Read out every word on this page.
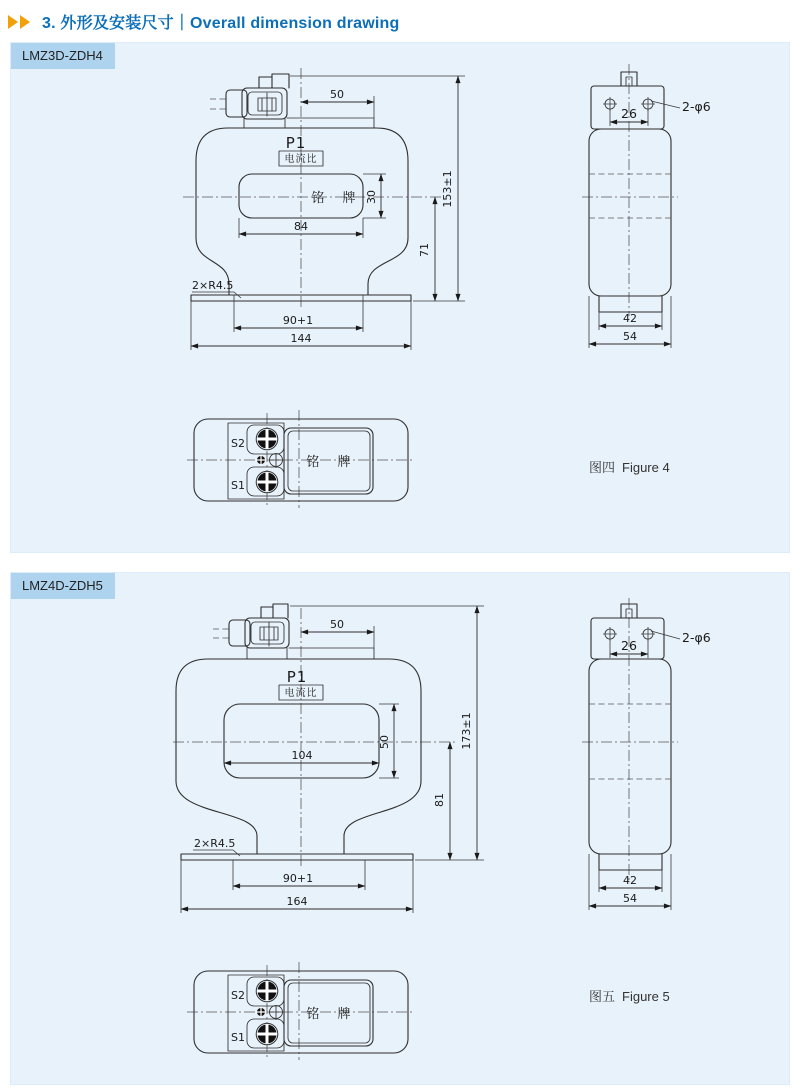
3. 外形及安装尺寸｜Overall dimension drawing
LMZ3D-ZDH4
铭 牌
P1
电流比
50
153±1
71
30
84
90+1
144
2×R4.5
26	2-φ6
42
54
S2
S1
铭 牌	图四 Figure 4
LMZ4D-ZDH5
P1
电流比
50
173±1
81
104
50
90+1
164
2×R4.5
26
2-φ6
42
54
S2
S1
铭 牌
图五 Figure 5
